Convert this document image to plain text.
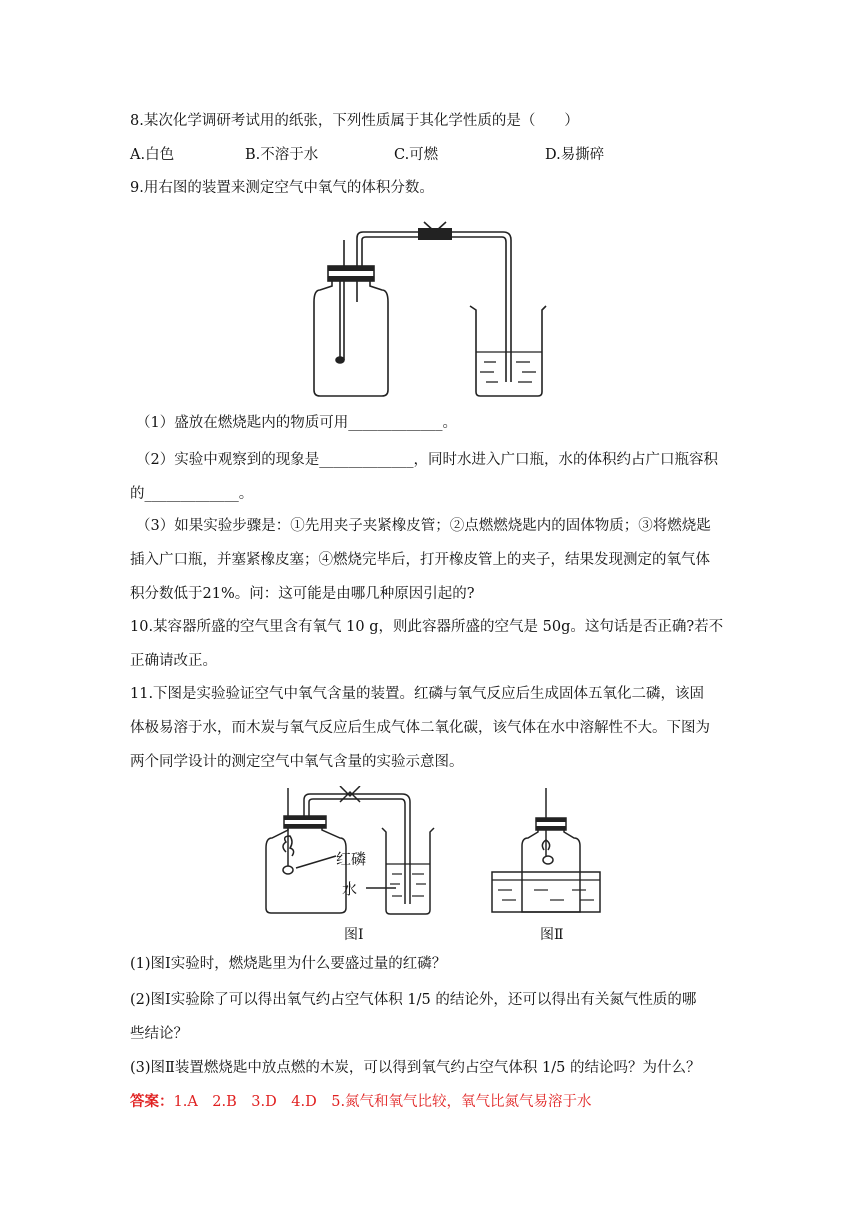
8.某次化学调研考试用的纸张，下列性质属于其化学性质的是（　　）
A.白色	B.不溶于水	C.可燃	D.易撕碎
9.用右图的装置来测定空气中氧气的体积分数。
（1）盛放在燃烧匙内的物质可用_____________。
（2）实验中观察到的现象是_____________，同时水进入广口瓶，水的体积约占广口瓶容积
的_____________。
（3）如果实验步骤是：①先用夹子夹紧橡皮管；②点燃燃烧匙内的固体物质；③将燃烧匙
插入广口瓶，并塞紧橡皮塞；④燃烧完毕后，打开橡皮管上的夹子，结果发现测定的氧气体
积分数低于21%。问：这可能是由哪几种原因引起的?
10.某容器所盛的空气里含有氧气 10 g，则此容器所盛的空气是 50g。这句话是否正确?若不
正确请改正。
11.下图是实验验证空气中氧气含量的装置。红磷与氧气反应后生成固体五氧化二磷，该固
体极易溶于水，而木炭与氧气反应后生成气体二氧化碳，该气体在水中溶解性不大。下图为
两个同学设计的测定空气中氧气含量的实验示意图。
红磷
水
图Ⅰ	图Ⅱ
(1)图Ⅰ实验时，燃烧匙里为什么要盛过量的红磷？
(2)图Ⅰ实验除了可以得出氧气约占空气体积 1/5 的结论外，还可以得出有关氮气性质的哪
些结论？
(3)图Ⅱ装置燃烧匙中放点燃的木炭，可以得到氧气约占空气体积 1/5 的结论吗？为什么？
答案：1.A　2.B　3.D　4.D　5.氮气和氧气比较，氧气比氮气易溶于水
